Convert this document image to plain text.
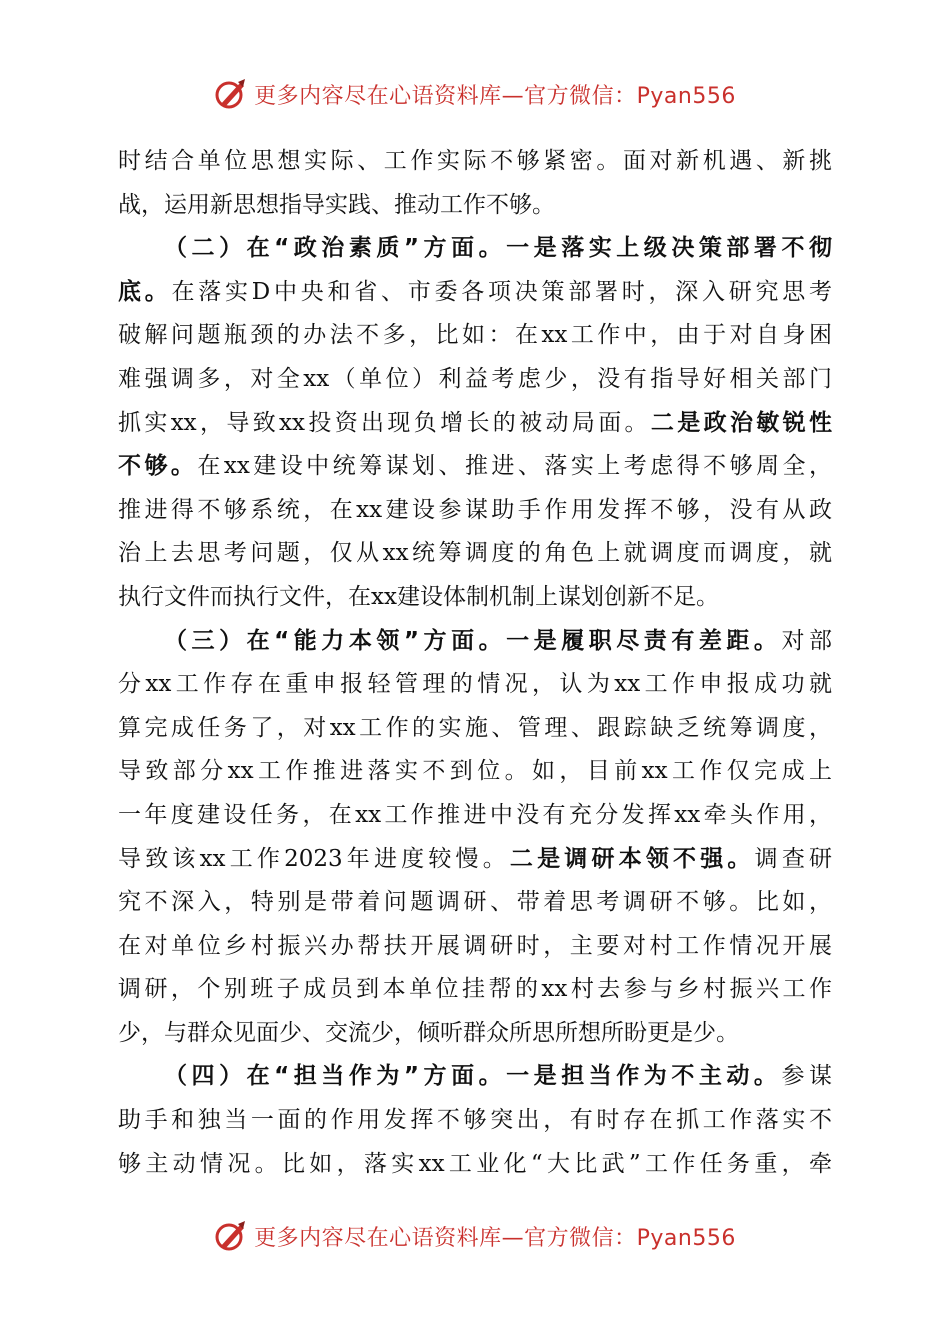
更多内容尽在心语资料库—官方微信：Pyan556
时结合单位思想实际、工作实际不够紧密。面对新机遇、新挑
战，运用新思想指导实践、推动工作不够。
（二）在“政治素质”方面。一是落实上级决策部署不彻
底。在落实D中央和省、市委各项决策部署时，深入研究思考
破解问题瓶颈的办法不多，比如：在xx工作中，由于对自身困
难强调多，对全xx（单位）利益考虑少，没有指导好相关部门
抓实xx，导致xx投资出现负增长的被动局面。二是政治敏锐性
不够。在xx建设中统筹谋划、推进、落实上考虑得不够周全，
推进得不够系统，在xx建设参谋助手作用发挥不够，没有从政
治上去思考问题，仅从xx统筹调度的角色上就调度而调度，就
执行文件而执行文件，在xx建设体制机制上谋划创新不足。
（三）在“能力本领”方面。一是履职尽责有差距。对部
分xx工作存在重申报轻管理的情况，认为xx工作申报成功就
算完成任务了，对xx工作的实施、管理、跟踪缺乏统筹调度，
导致部分xx工作推进落实不到位。如，目前xx工作仅完成上
一年度建设任务，在xx工作推进中没有充分发挥xx牵头作用，
导致该xx工作2023年进度较慢。二是调研本领不强。调查研
究不深入，特别是带着问题调研、带着思考调研不够。比如，
在对单位乡村振兴办帮扶开展调研时，主要对村工作情况开展
调研，个别班子成员到本单位挂帮的xx村去参与乡村振兴工作
少，与群众见面少、交流少，倾听群众所思所想所盼更是少。
（四）在“担当作为”方面。一是担当作为不主动。参谋
助手和独当一面的作用发挥不够突出，有时存在抓工作落实不
够主动情况。比如，落实xx工业化“大比武”工作任务重，牵
更多内容尽在心语资料库—官方微信：Pyan556
